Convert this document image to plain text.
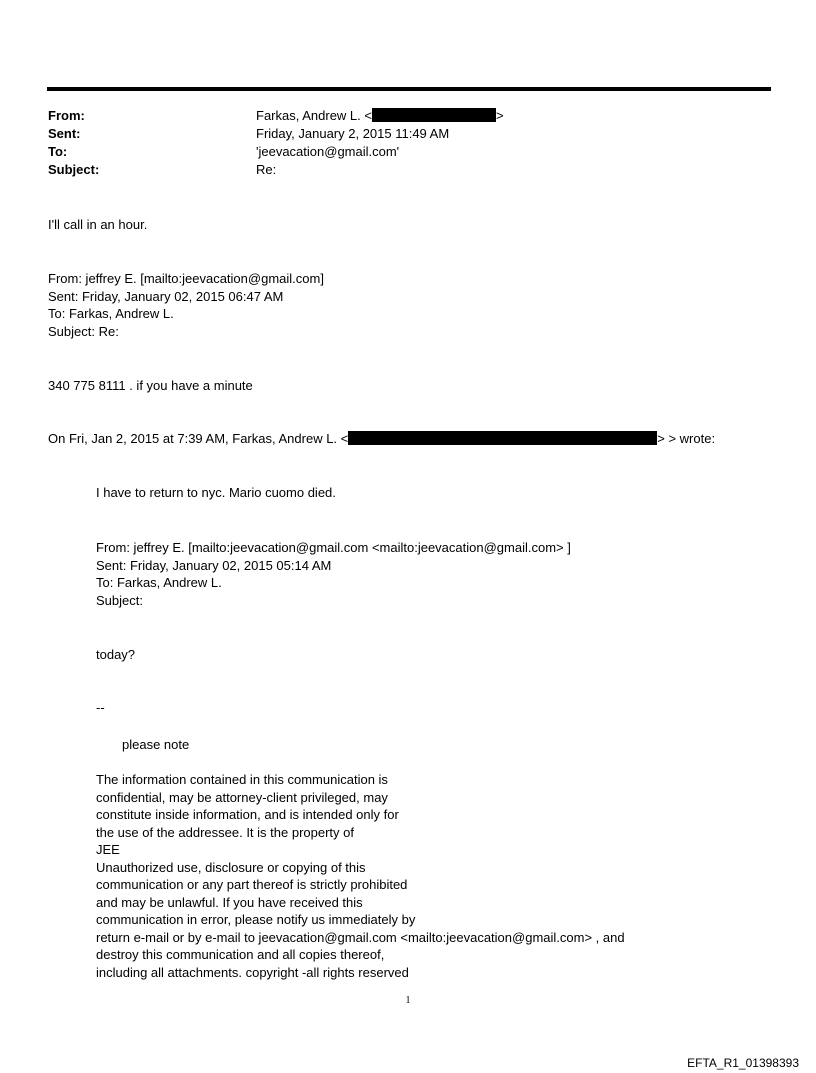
From:	Farkas, Andrew L. <	>
Sent:	Friday, January 2, 2015 11:49 AM
To:	'jeevacation@gmail.com'
Subject:	Re:
I'll call in an hour.
From: jeffrey E. [mailto:jeevacation@gmail.com]
Sent: Friday, January 02, 2015 06:47 AM
To: Farkas, Andrew L.
Subject: Re:
340 775 8111 . if you have a minute
On Fri, Jan 2, 2015 at 7:39 AM, Farkas, Andrew L. <	> > wrote:
I have to return to nyc. Mario cuomo died.
From: jeffrey E. [mailto:jeevacation@gmail.com <mailto:jeevacation@gmail.com> ]
Sent: Friday, January 02, 2015 05:14 AM
To: Farkas, Andrew L.
Subject:
today?
--
please note
The information contained in this communication is
confidential, may be attorney-client privileged, may
constitute inside information, and is intended only for
the use of the addressee. It is the property of
JEE
Unauthorized use, disclosure or copying of this
communication or any part thereof is strictly prohibited
and may be unlawful. If you have received this
communication in error, please notify us immediately by
return e-mail or by e-mail to jeevacation@gmail.com <mailto:jeevacation@gmail.com> , and
destroy this communication and all copies thereof,
including all attachments. copyright -all rights reserved
1
EFTA_R1_01398393
